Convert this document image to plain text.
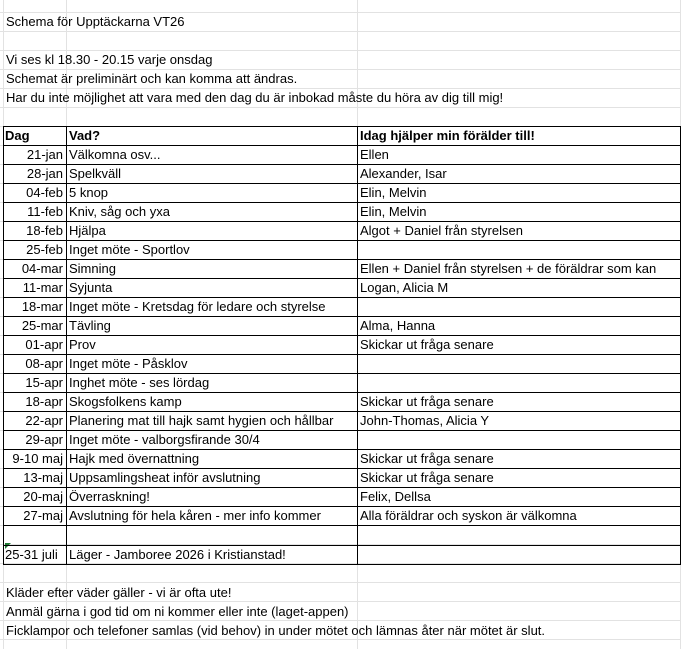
Schema för Upptäckarna VT26
Vi ses kl 18.30 - 20.15 varje onsdag
Schemat är preliminärt och kan komma att ändras.
Har du inte möjlighet att vara med den dag du är inbokad måste du höra av dig till mig!
Dag	Vad?	Idag hjälper min förälder till!
21-jan Välkomna osv...	Ellen
28-jan Spelkväll	Alexander, Isar
04-feb 5 knop	Elin, Melvin
11-feb Kniv, såg och yxa	Elin, Melvin
18-feb Hjälpa	Algot + Daniel från styrelsen
25-feb Inget möte - Sportlov
04-mar Simning	Ellen + Daniel från styrelsen + de föräldrar som kan
11-mar Syjunta	Logan, Alicia M
18-mar Inget möte - Kretsdag för ledare och styrelse
25-mar Tävling	Alma, Hanna
01-apr Prov	Skickar ut fråga senare
08-apr Inget möte - Påsklov
15-apr Inghet möte - ses lördag
18-apr Skogsfolkens kamp	Skickar ut fråga senare
22-apr Planering mat till hajk samt hygien och hållbar	John-Thomas, Alicia Y
29-apr Inget möte - valborgsfirande 30/4
9-10 maj Hajk med övernattning	Skickar ut fråga senare
13-maj Uppsamlingsheat inför avslutning	Skickar ut fråga senare
20-maj Överraskning!	Felix, Dellsa
27-maj Avslutning för hela kåren - mer info kommer	Alla föräldrar och syskon är välkomna
25-31 juli Läger - Jamboree 2026 i Kristianstad!
Kläder efter väder gäller - vi är ofta ute!
Anmäl gärna i god tid om ni kommer eller inte (laget-appen)
Ficklampor och telefoner samlas (vid behov) in under mötet och lämnas åter när mötet är slut.
